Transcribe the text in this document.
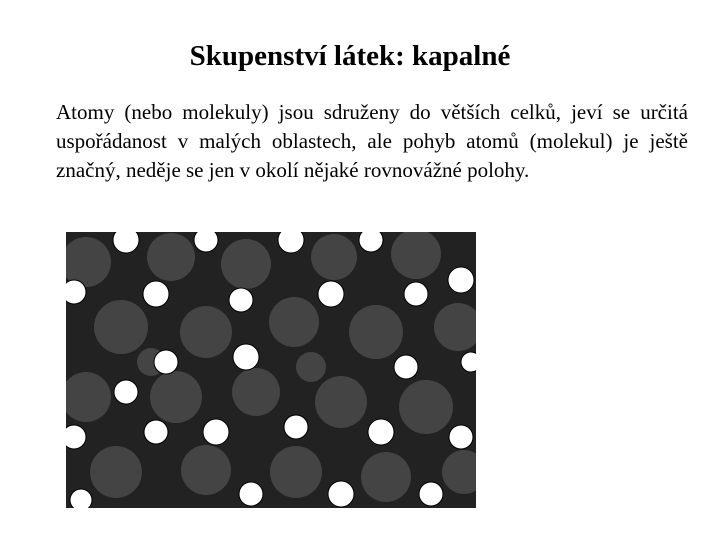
Skupenství látek: kapalné
Atomy (nebo molekuly) jsou sdruženy do větších celků, jeví se určitá uspořádanost v malých oblastech, ale pohyb atomů (molekul) je ještě značný, neděje se jen v okolí nějaké rovnovážné polohy.
